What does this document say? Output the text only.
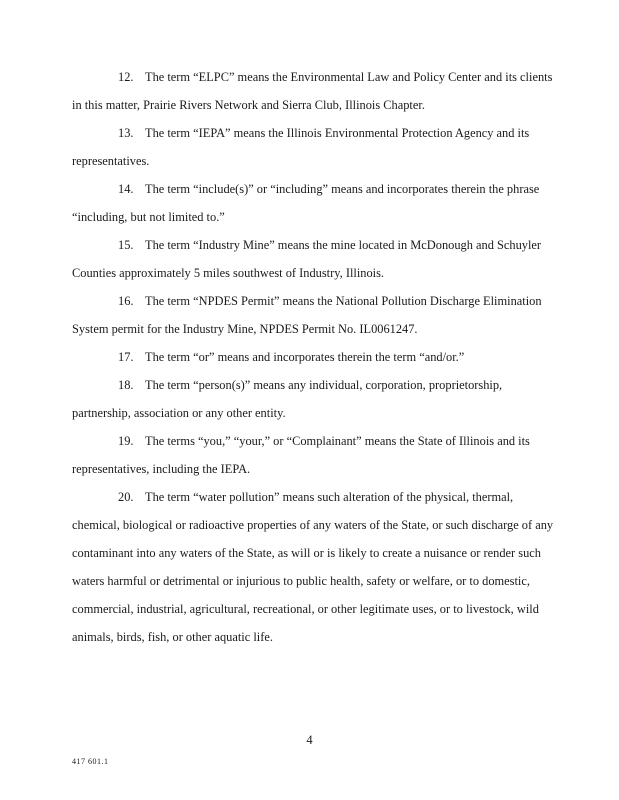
12. The term “ELPC” means the Environmental Law and Policy Center and its clients
in this matter, Prairie Rivers Network and Sierra Club, Illinois Chapter.
13. The term “IEPA” means the Illinois Environmental Protection Agency and its
representatives.
14. The term “include(s)” or “including” means and incorporates therein the phrase
“including, but not limited to.”
15. The term “Industry Mine” means the mine located in McDonough and Schuyler
Counties approximately 5 miles southwest of Industry, Illinois.
16. The term “NPDES Permit” means the National Pollution Discharge Elimination
System permit for the Industry Mine, NPDES Permit No. IL0061247.
17. The term “or” means and incorporates therein the term “and/or.”
18. The term “person(s)” means any individual, corporation, proprietorship,
partnership, association or any other entity.
19. The terms “you,” “your,” or “Complainant” means the State of Illinois and its
representatives, including the IEPA.
20. The term “water pollution” means such alteration of the physical, thermal,
chemical, biological or radioactive properties of any waters of the State, or such discharge of any
contaminant into any waters of the State, as will or is likely to create a nuisance or render such
waters harmful or detrimental or injurious to public health, safety or welfare, or to domestic,
commercial, industrial, agricultural, recreational, or other legitimate uses, or to livestock, wild
animals, birds, fish, or other aquatic life.
4
417 601.1
